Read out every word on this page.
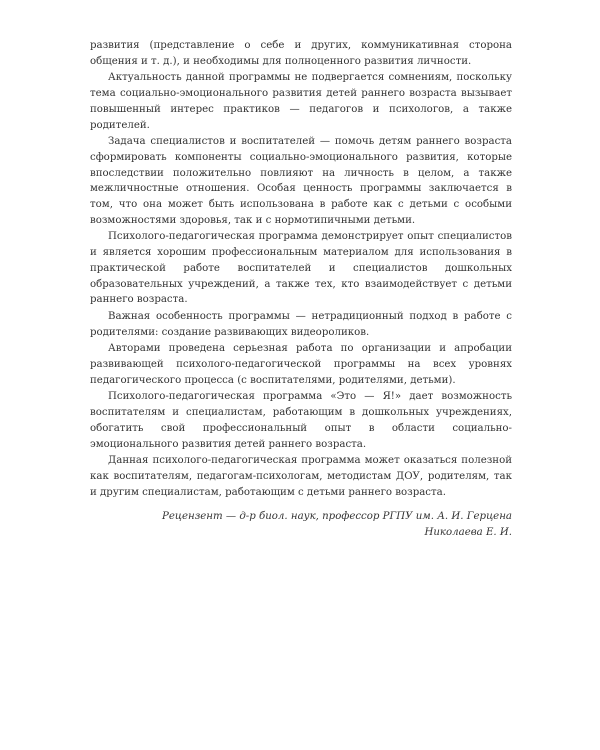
развития (представление о себе и других, коммуникативная сторона общения и т. д.), и необходимы для полноценного развития личности.

Актуальность данной программы не подвергается сомнениям, поскольку тема социально-эмоционального развития детей раннего возраста вызывает повышенный интерес практиков — педагогов и психологов, а также родителей.

Задача специалистов и воспитателей — помочь детям раннего возраста сформировать компоненты социально-эмоционального развития, которые впоследствии положительно повлияют на личность в целом, а также межличностные отношения. Особая ценность программы заключается в том, что она может быть использована в работе как с детьми с особыми возможностями здоровья, так и с нормотипичными детьми.

Психолого-педагогическая программа демонстрирует опыт специалистов и является хорошим профессиональным материалом для использования в практической работе воспитателей и специалистов дошкольных образовательных учреждений, а также тех, кто взаимодействует с детьми раннего возраста.

Важная особенность программы — нетрадиционный подход в работе с родителями: создание развивающих видеороликов.

Авторами проведена серьезная работа по организации и апробации развивающей психолого-педагогической программы на всех уровнях педагогического процесса (с воспитателями, родителями, детьми).

Психолого-педагогическая программа «Это — Я!» дает возможность воспитателям и специалистам, работающим в дошкольных учреждениях, обогатить свой профессиональный опыт в области социально-эмоционального развития детей раннего возраста.

Данная психолого-педагогическая программа может оказаться полезной как воспитателям, педагогам-психологам, методистам ДОУ, родителям, так и другим специалистам, работающим с детьми раннего возраста.

Рецензент — д-р биол. наук, профессор РГПУ им. А. И. Герцена
Николаева Е. И.
